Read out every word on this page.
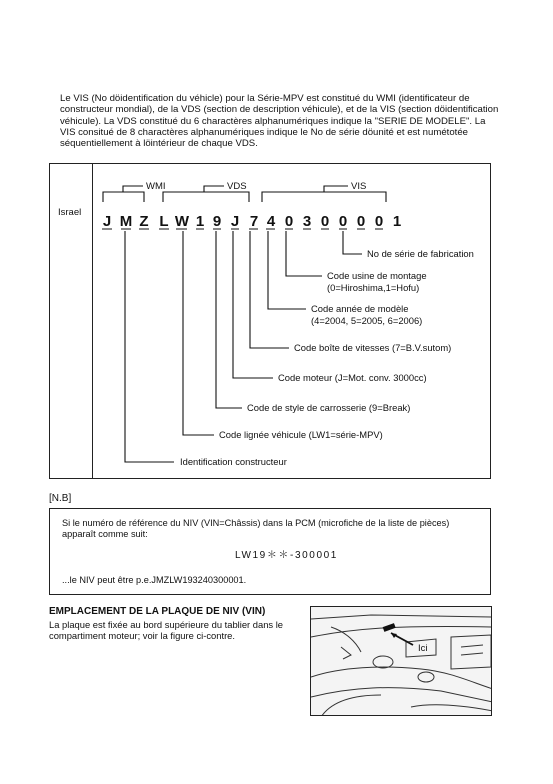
Le VIS (No döidentification du véhicle) pour la Série-MPV est constitué du WMI (identificateur de constructeur mondial), de la VDS (section de description véhicule), et de la VIS (section döidentification véhicule). La VDS constitué du 6 charactères alphanumériques indique la "SERIE DE MODELE". La VIS consitué de 8 charactères alphanumériques indique le No de série döunité et est numétotée séquentiellement à löintérieur de chaque VDS.
Israel
WMI	VDS	VIS
J M Z L W 1 9 J 7 4 0 3 0 0 0 0 1
No de série de fabrication
Code usine de montage
(0=Hiroshima,1=Hofu)
Code année de modèle
(4=2004, 5=2005, 6=2006)
Code boîte de vitesses (7=B.V.sutom)
Code moteur (J=Mot. conv. 3000cc)
Code de style de carrosserie (9=Break)
Code lignée véhicule (LW1=série-MPV)
Identification constructeur
[N.B]
Si le numéro de référence du NIV (VIN=Châssis) dans la PCM (microfiche de la liste de pièces) apparaît comme suit:
LW19＊＊-300001
...le NIV peut être p.e.JMZLW193240300001.
EMPLACEMENT DE LA PLAQUE DE NIV (VIN)
La plaque est fixée au bord supérieure du tablier dans le compartiment moteur; voir la figure ci-contre.
Ici
